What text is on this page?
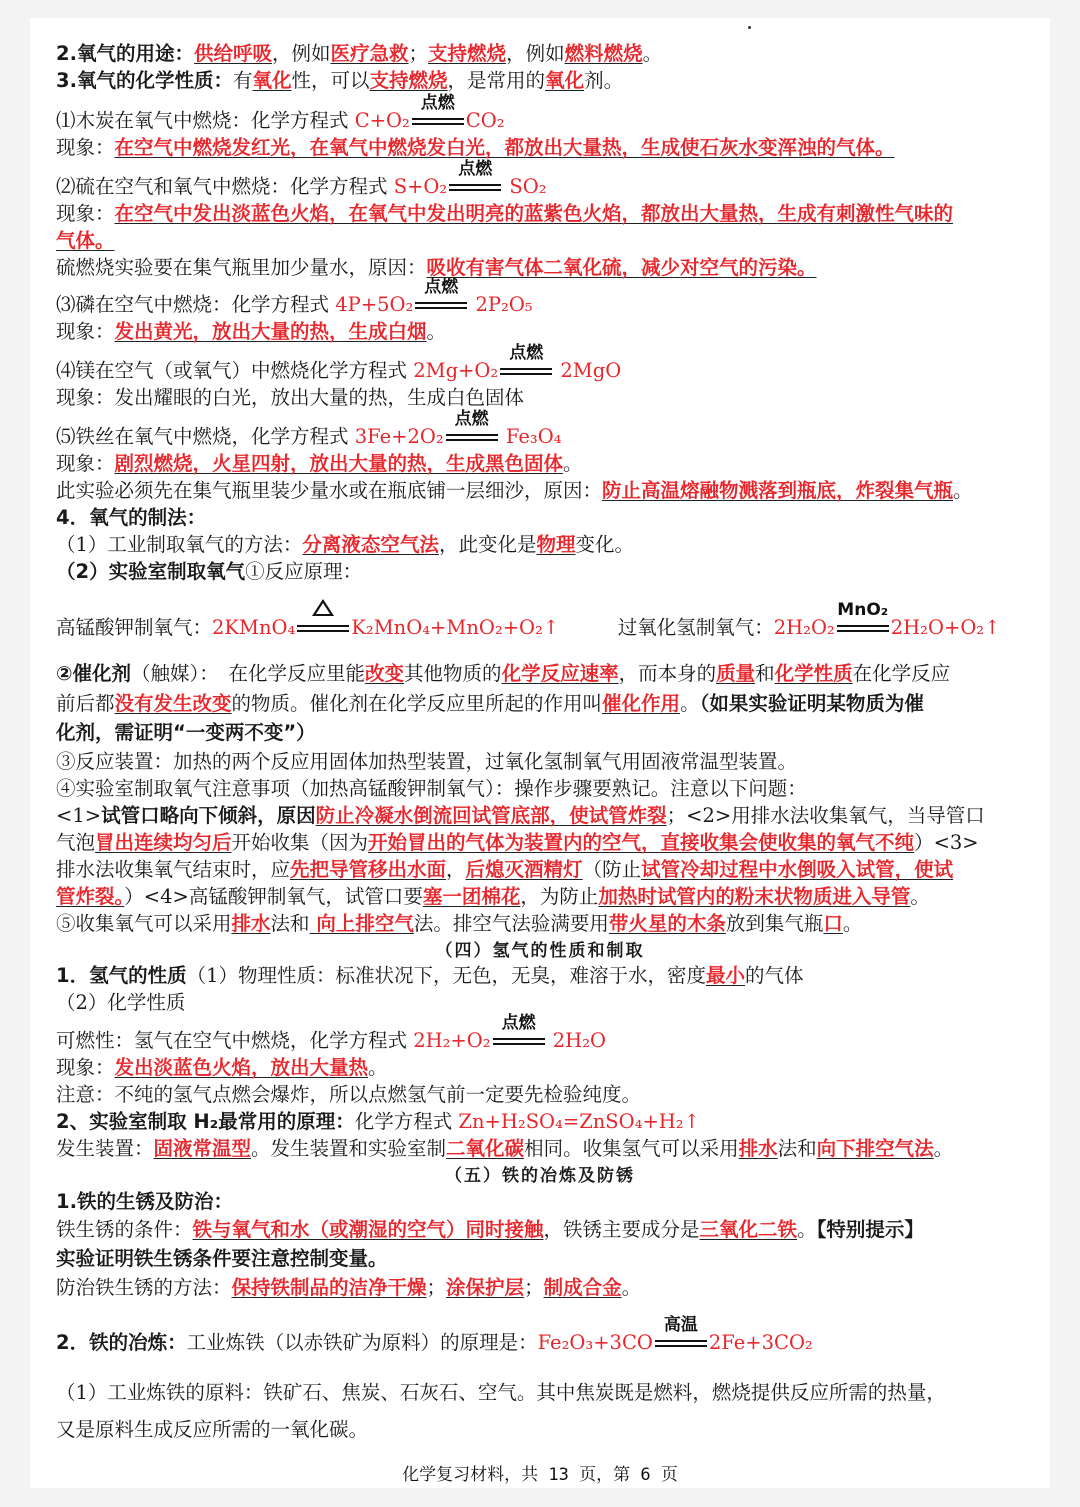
2.氧气的用途：供给呼吸，例如医疗急救；支持燃烧，例如燃料燃烧。
3.氧气的化学性质：有氧化性，可以支持燃烧，是常用的氧化剂。
⑴木炭在氧气中燃烧：化学方程式 C+O₂
点燃
CO₂
现象：在空气中燃烧发红光，在氧气中燃烧发白光，都放出大量热，生成使石灰水变浑浊的气体。
⑵硫在空气和氧气中燃烧：化学方程式 S+O₂
点燃
SO₂
现象：在空气中发出淡蓝色火焰，在氧气中发出明亮的蓝紫色火焰，都放出大量热，生成有刺激性气味的
气体。
硫燃烧实验要在集气瓶里加少量水，原因：吸收有害气体二氧化硫，减少对空气的污染。
⑶磷在空气中燃烧：化学方程式 4P+5O₂
点燃
2P₂O₅
现象：发出黄光，放出大量的热，生成白烟。
⑷镁在空气（或氧气）中燃烧化学方程式 2Mg+O₂
点燃
2MgO
现象：发出耀眼的白光，放出大量的热，生成白色固体
⑸铁丝在氧气中燃烧，化学方程式 3Fe+2O₂
点燃
Fe₃O₄
现象：剧烈燃烧，火星四射，放出大量的热，生成黑色固体。
此实验必须先在集气瓶里装少量水或在瓶底铺一层细沙，原因：防止高温熔融物溅落到瓶底，炸裂集气瓶。
4．氧气的制法：
（1）工业制取氧气的方法：分离液态空气法，此变化是物理变化。
（2）实验室制取氧气①反应原理：
高锰酸钾制氧气：2KMnO₄ ⇌ K₂MnO₄+MnO₂+O₂↑　　　过氧化氢制氧气：2H₂O₂
MnO₂
2H₂O+O₂↑
②催化剂（触媒）：　在化学反应里能改变其他物质的化学反应速率，而本身的质量和化学性质在化学反应
前后都没有发生改变的物质。催化剂在化学反应里所起的作用叫催化作用。（如果实验证明某物质为催
化剂，需证明“一变两不变”）
③反应装置：加热的两个反应用固体加热型装置，过氧化氢制氧气用固液常温型装置。
④实验室制取氧气注意事项（加热高锰酸钾制氧气）：操作步骤要熟记。注意以下问题：
<1>试管口略向下倾斜，原因防止冷凝水倒流回试管底部，使试管炸裂；<2>用排水法收集氧气，当导管口
气泡冒出连续均匀后开始收集（因为开始冒出的气体为装置内的空气，直接收集会使收集的氧气不纯）<3>
排水法收集氧气结束时，应先把导管移出水面，后熄灭酒精灯（防止试管冷却过程中水倒吸入试管，使试
管炸裂。）<4>高锰酸钾制氧气，试管口要塞一团棉花，为防止加热时试管内的粉末状物质进入导管。
⑤收集氧气可以采用排水法和 向上排空气法。排空气法验满要用带火星的木条放到集气瓶口。
（四）氢气的性质和制取
1．氢气的性质（1）物理性质：标准状况下，无色，无臭，难溶于水，密度最小的气体
（2）化学性质
可燃性：氢气在空气中燃烧，化学方程式 2H₂+O₂
点燃
2H₂O
现象：发出淡蓝色火焰，放出大量热。
注意：不纯的氢气点燃会爆炸，所以点燃氢气前一定要先检验纯度。
2、实验室制取 H₂最常用的原理：化学方程式 Zn+H₂SO₄=ZnSO₄+H₂↑
发生装置：固液常温型。发生装置和实验室制二氧化碳相同。收集氢气可以采用排水法和向下排空气法。
（五）铁的冶炼及防锈
1.铁的生锈及防治：
铁生锈的条件：铁与氧气和水（或潮湿的空气）同时接触，铁锈主要成分是三氧化二铁。【特别提示】
实验证明铁生锈条件要注意控制变量。
防治铁生锈的方法：保持铁制品的洁净干燥；涂保护层；制成合金。
2．铁的冶炼：工业炼铁（以赤铁矿为原料）的原理是：Fe₂O₃+3CO
高温
2Fe+3CO₂
（1）工业炼铁的原料：铁矿石、焦炭、石灰石、空气。其中焦炭既是燃料，燃烧提供反应所需的热量，
又是原料生成反应所需的一氧化碳。
化学复习材料，共 13 页，第 6 页
